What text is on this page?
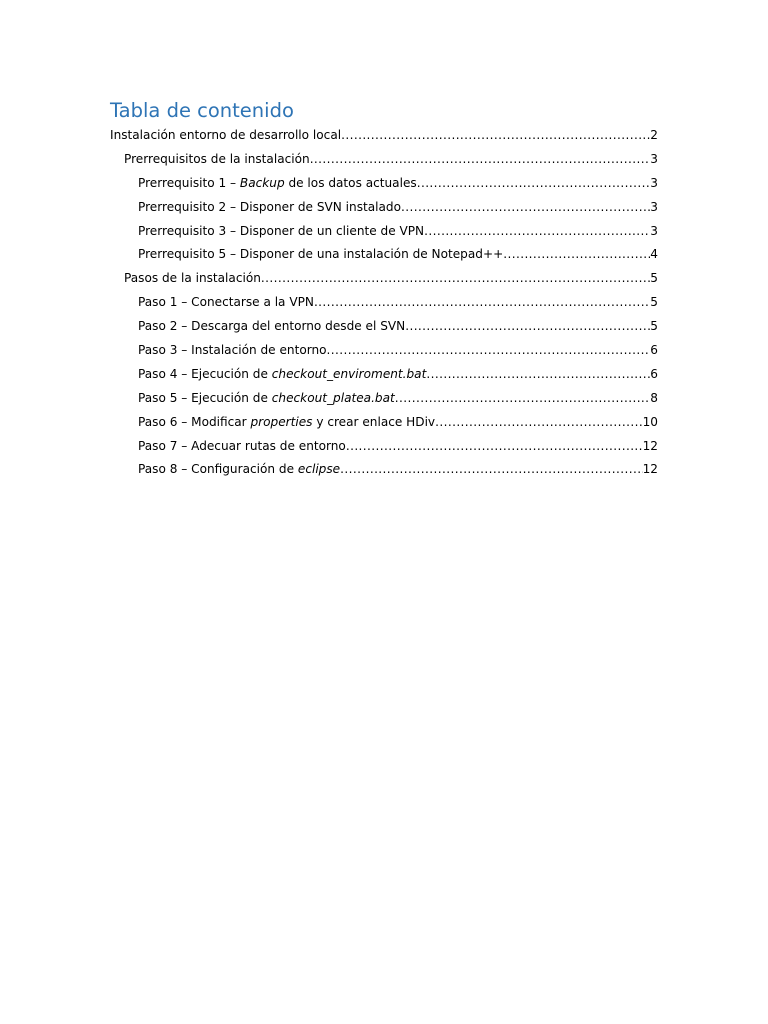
Tabla de contenido
Instalación entorno de desarrollo local .....	2
Prerrequisitos de la instalación .....	3
Prerrequisito 1 – Backup de los datos actuales .....	3
Prerrequisito 2 – Disponer de SVN instalado .....	3
Prerrequisito 3 – Disponer de un cliente de VPN .....	3
Prerrequisito 5 – Disponer de una instalación de Notepad++ .....	4
Pasos de la instalación .....	5
Paso 1 – Conectarse a la VPN .....	5
Paso 2 – Descarga del entorno desde el SVN .....	5
Paso 3 – Instalación de entorno .....	6
Paso 4 – Ejecución de checkout_enviroment.bat .....	6
Paso 5 – Ejecución de checkout_platea.bat .....	8
Paso 6 – Modificar properties y crear enlace HDiv .....	10
Paso 7 – Adecuar rutas de entorno .....	12
Paso 8 – Configuración de eclipse .....	12
